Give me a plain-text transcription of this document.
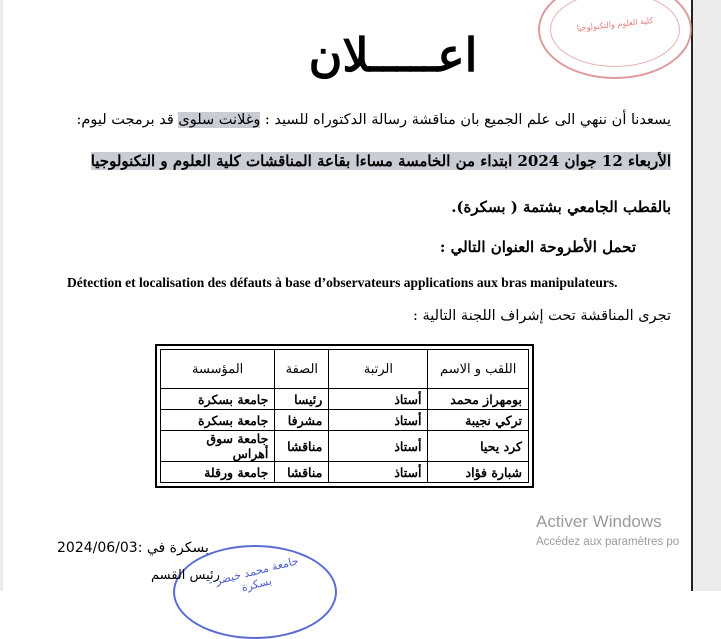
كلية العلوم والتكنولوجيا
اعـــــلان
يسعدنا أن ننهي الى علم الجميع بان مناقشة رسالة الدكتوراه للسيد : وغلانت سلوى قد برمجت ليوم:
الأربعاء 12 جوان 2024 ابتداء من الخامسة مساءا بقاعة المناقشات كلية العلوم و التكنولوجيا
بالقطب الجامعي بشتمة ( بسكرة).
تحمل الأطروحة العنوان التالي :
Détection et localisation des défauts à base d’observateurs applications aux bras manipulateurs.
تجرى المناقشة تحت إشراف اللجنة التالية :
اللقب و الاسم	الرتبة	الصفة	المؤسسة
بومهراز محمد	أستاذ	رئيسا	جامعة بسكرة
تركي نجيبة	أستاذ	مشرفا	جامعة بسكرة
كرد يحيا	أستاذ	مناقشا	جامعة سوق أهراس
شبارة فؤاد	أستاذ	مناقشا	جامعة ورقلة
جامعة محمد خيضر - بسكرة
بسكرة في :2024/06/03
رئيس القسم
Activer Windows
Accédez aux paramètres po
